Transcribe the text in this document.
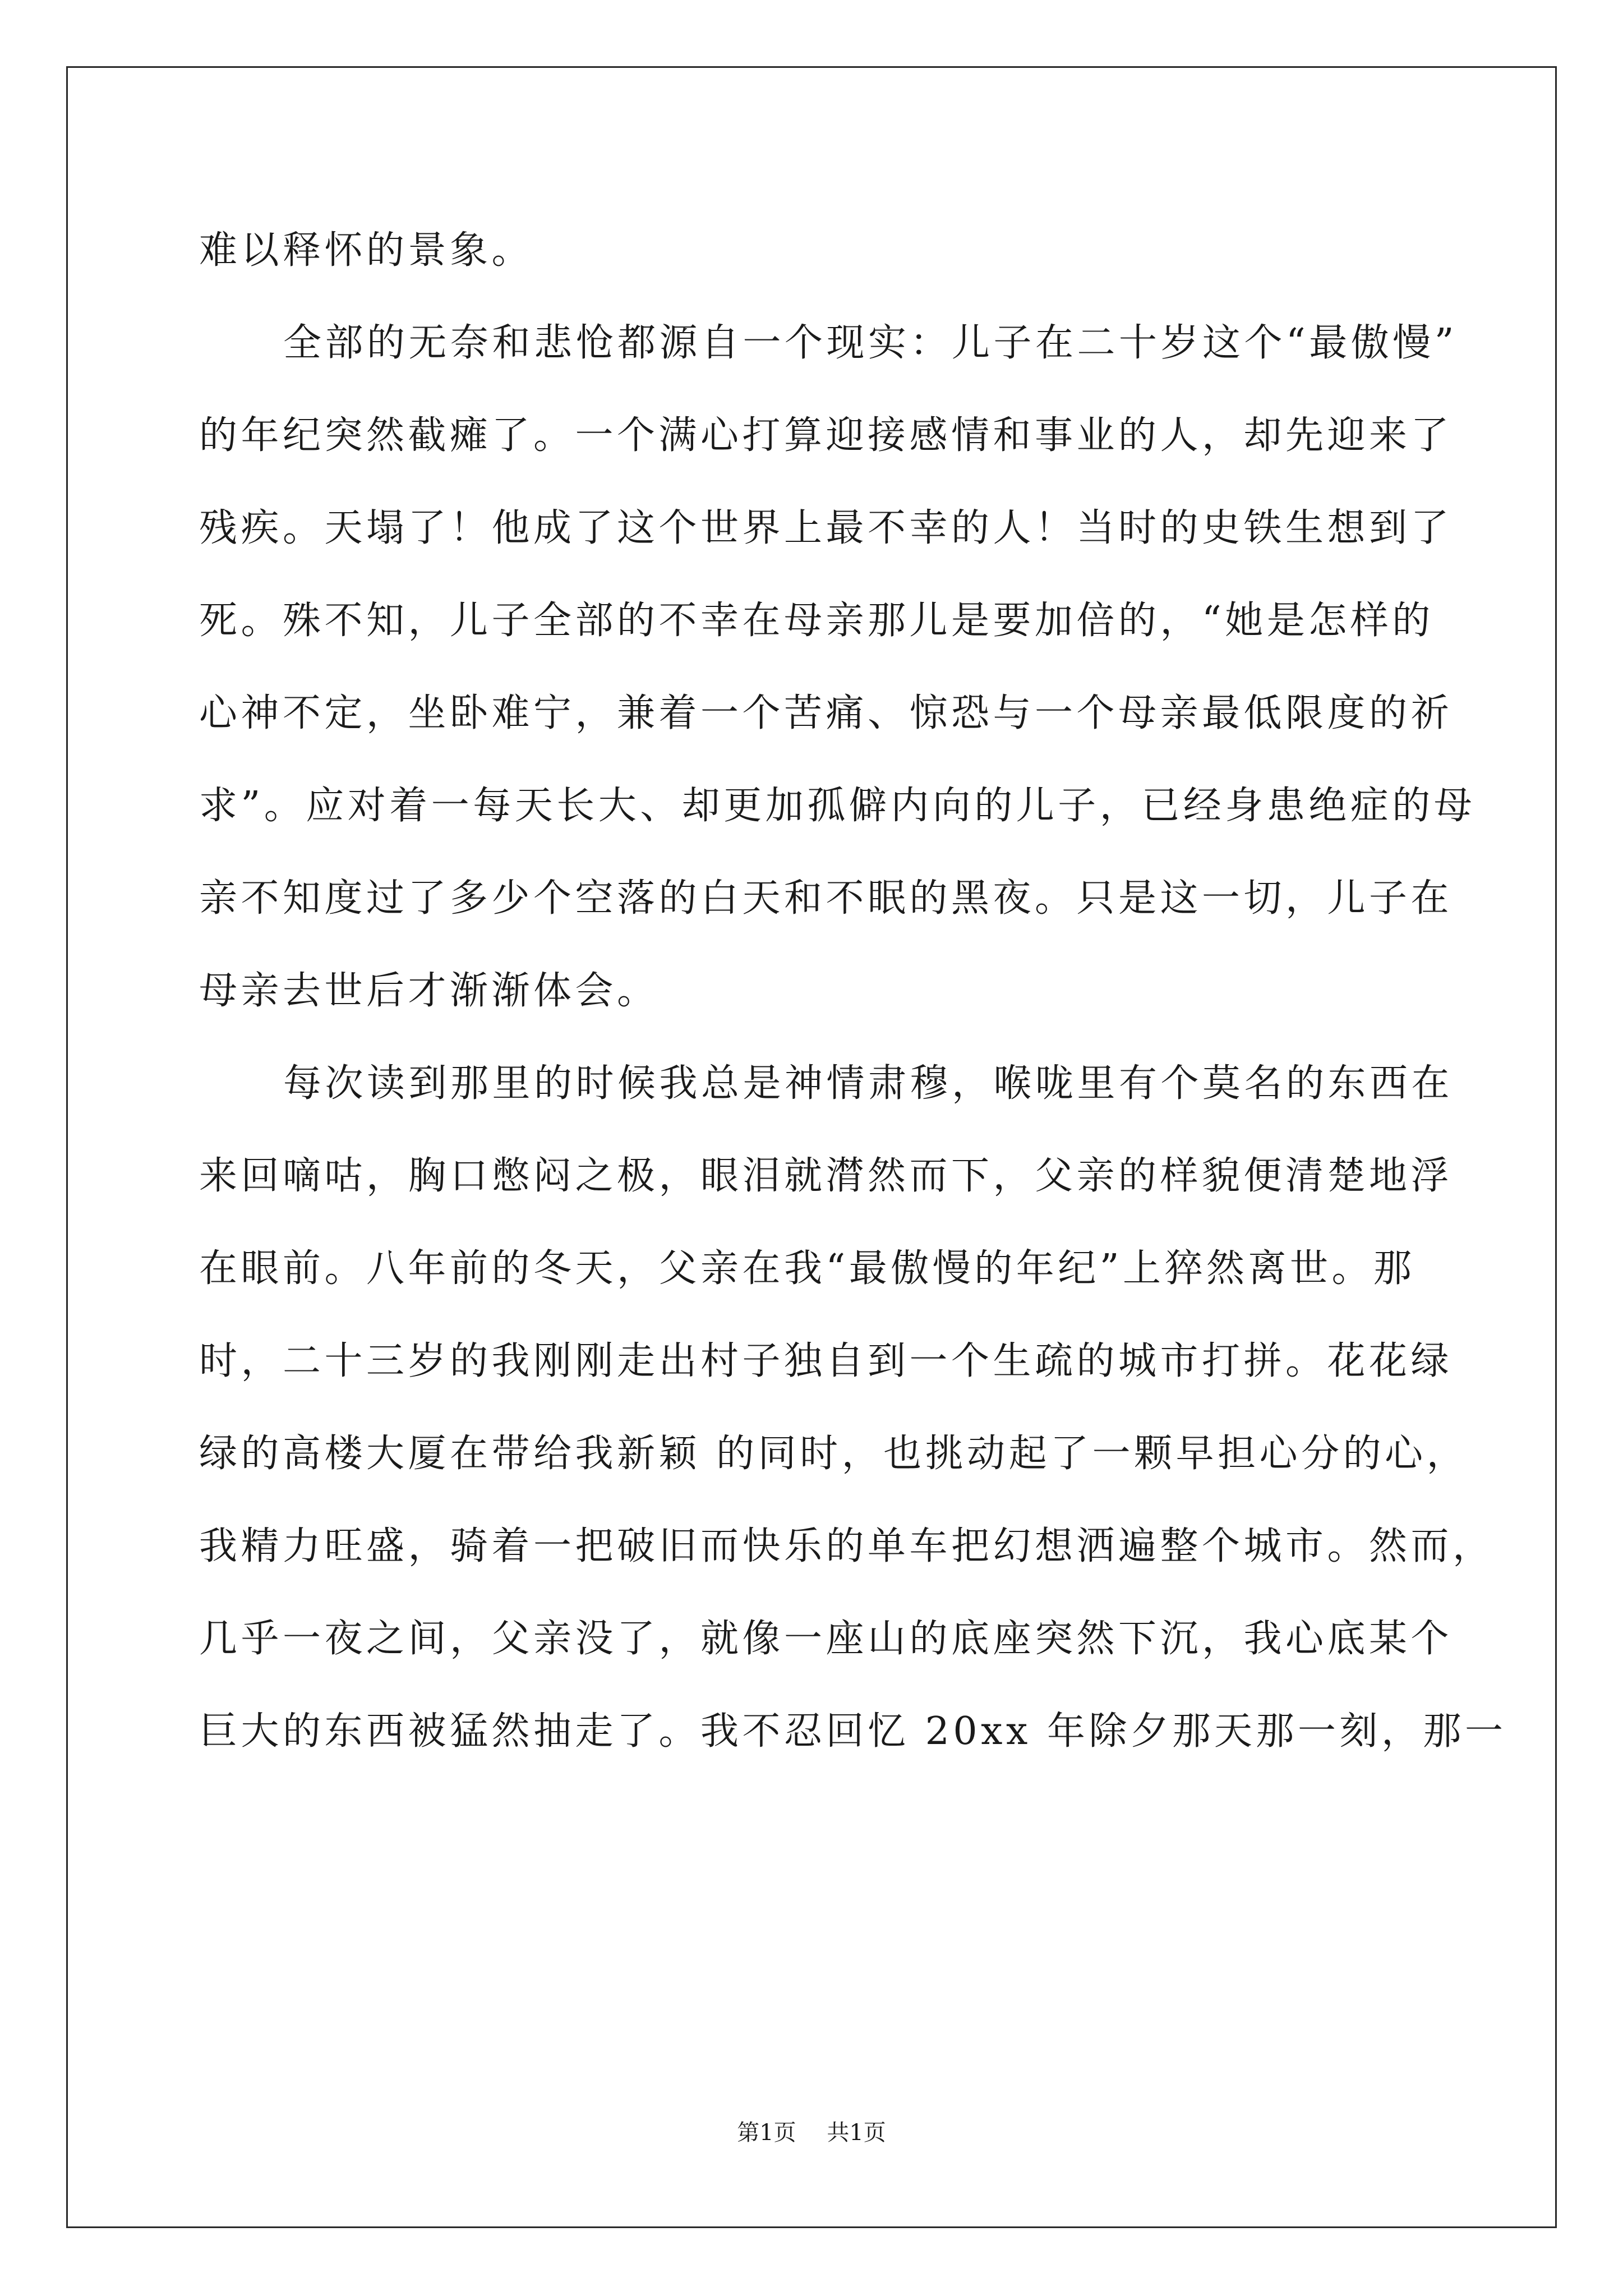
难以释怀的景象。
全部的无奈和悲怆都源自一个现实：儿子在二十岁这个“最傲慢”
的年纪突然截瘫了。一个满心打算迎接感情和事业的人，却先迎来了
残疾。天塌了！他成了这个世界上最不幸的人！当时的史铁生想到了
死。殊不知，儿子全部的不幸在母亲那儿是要加倍的，“她是怎样的
心神不定，坐卧难宁，兼着一个苦痛、惊恐与一个母亲最低限度的祈
求”。应对着一每天长大、却更加孤僻内向的儿子，已经身患绝症的母
亲不知度过了多少个空落的白天和不眠的黑夜。只是这一切，儿子在
母亲去世后才渐渐体会。
每次读到那里的时候我总是神情肃穆，喉咙里有个莫名的东西在
来回嘀咕，胸口憋闷之极，眼泪就潸然而下，父亲的样貌便清楚地浮
在眼前。八年前的冬天，父亲在我“最傲慢的年纪”上猝然离世。那
时，二十三岁的我刚刚走出村子独自到一个生疏的城市打拼。花花绿
绿的高楼大厦在带给我新颖 的同时，也挑动起了一颗早担心分的心，
我精力旺盛，骑着一把破旧而快乐的单车把幻想洒遍整个城市。然而，
几乎一夜之间，父亲没了，就像一座山的底座突然下沉，我心底某个
巨大的东西被猛然抽走了。我不忍回忆 20xx 年除夕那天那一刻，那一
第1页 共1页
